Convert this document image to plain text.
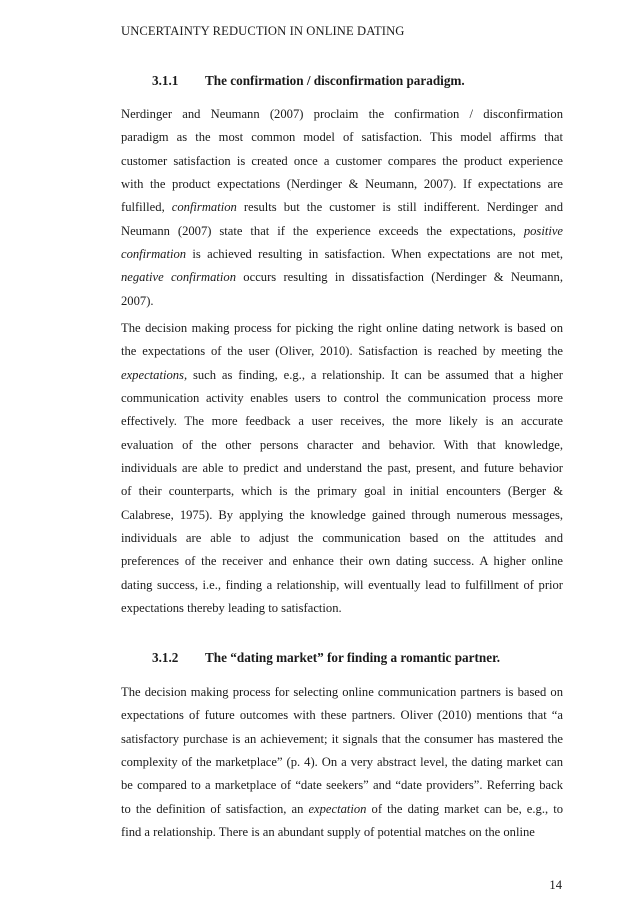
UNCERTAINTY REDUCTION IN ONLINE DATING
3.1.1 The confirmation / disconfirmation paradigm.
Nerdinger and Neumann (2007) proclaim the confirmation / disconfirmation
paradigm as the most common model of satisfaction. This model affirms that
customer satisfaction is created once a customer compares the product experience
with the product expectations (Nerdinger & Neumann, 2007). If expectations are
fulfilled, confirmation results but the customer is still indifferent. Nerdinger and
Neumann (2007) state that if the experience exceeds the expectations, positive
confirmation is achieved resulting in satisfaction. When expectations are not met,
negative confirmation occurs resulting in dissatisfaction (Nerdinger & Neumann,
2007).
The decision making process for picking the right online dating network is based on
the expectations of the user (Oliver, 2010). Satisfaction is reached by meeting the
expectations, such as finding, e.g., a relationship. It can be assumed that a higher
communication activity enables users to control the communication process more
effectively. The more feedback a user receives, the more likely is an accurate
evaluation of the other persons character and behavior. With that knowledge,
individuals are able to predict and understand the past, present, and future behavior
of their counterparts, which is the primary goal in initial encounters (Berger &
Calabrese, 1975). By applying the knowledge gained through numerous messages,
individuals are able to adjust the communication based on the attitudes and
preferences of the receiver and enhance their own dating success. A higher online
dating success, i.e., finding a relationship, will eventually lead to fulfillment of prior
expectations thereby leading to satisfaction.
3.1.2 The “dating market” for finding a romantic partner.
The decision making process for selecting online communication partners is based on
expectations of future outcomes with these partners. Oliver (2010) mentions that “a
satisfactory purchase is an achievement; it signals that the consumer has mastered the
complexity of the marketplace” (p. 4). On a very abstract level, the dating market can
be compared to a marketplace of “date seekers” and “date providers”. Referring back
to the definition of satisfaction, an expectation of the dating market can be, e.g., to
find a relationship. There is an abundant supply of potential matches on the online
14
